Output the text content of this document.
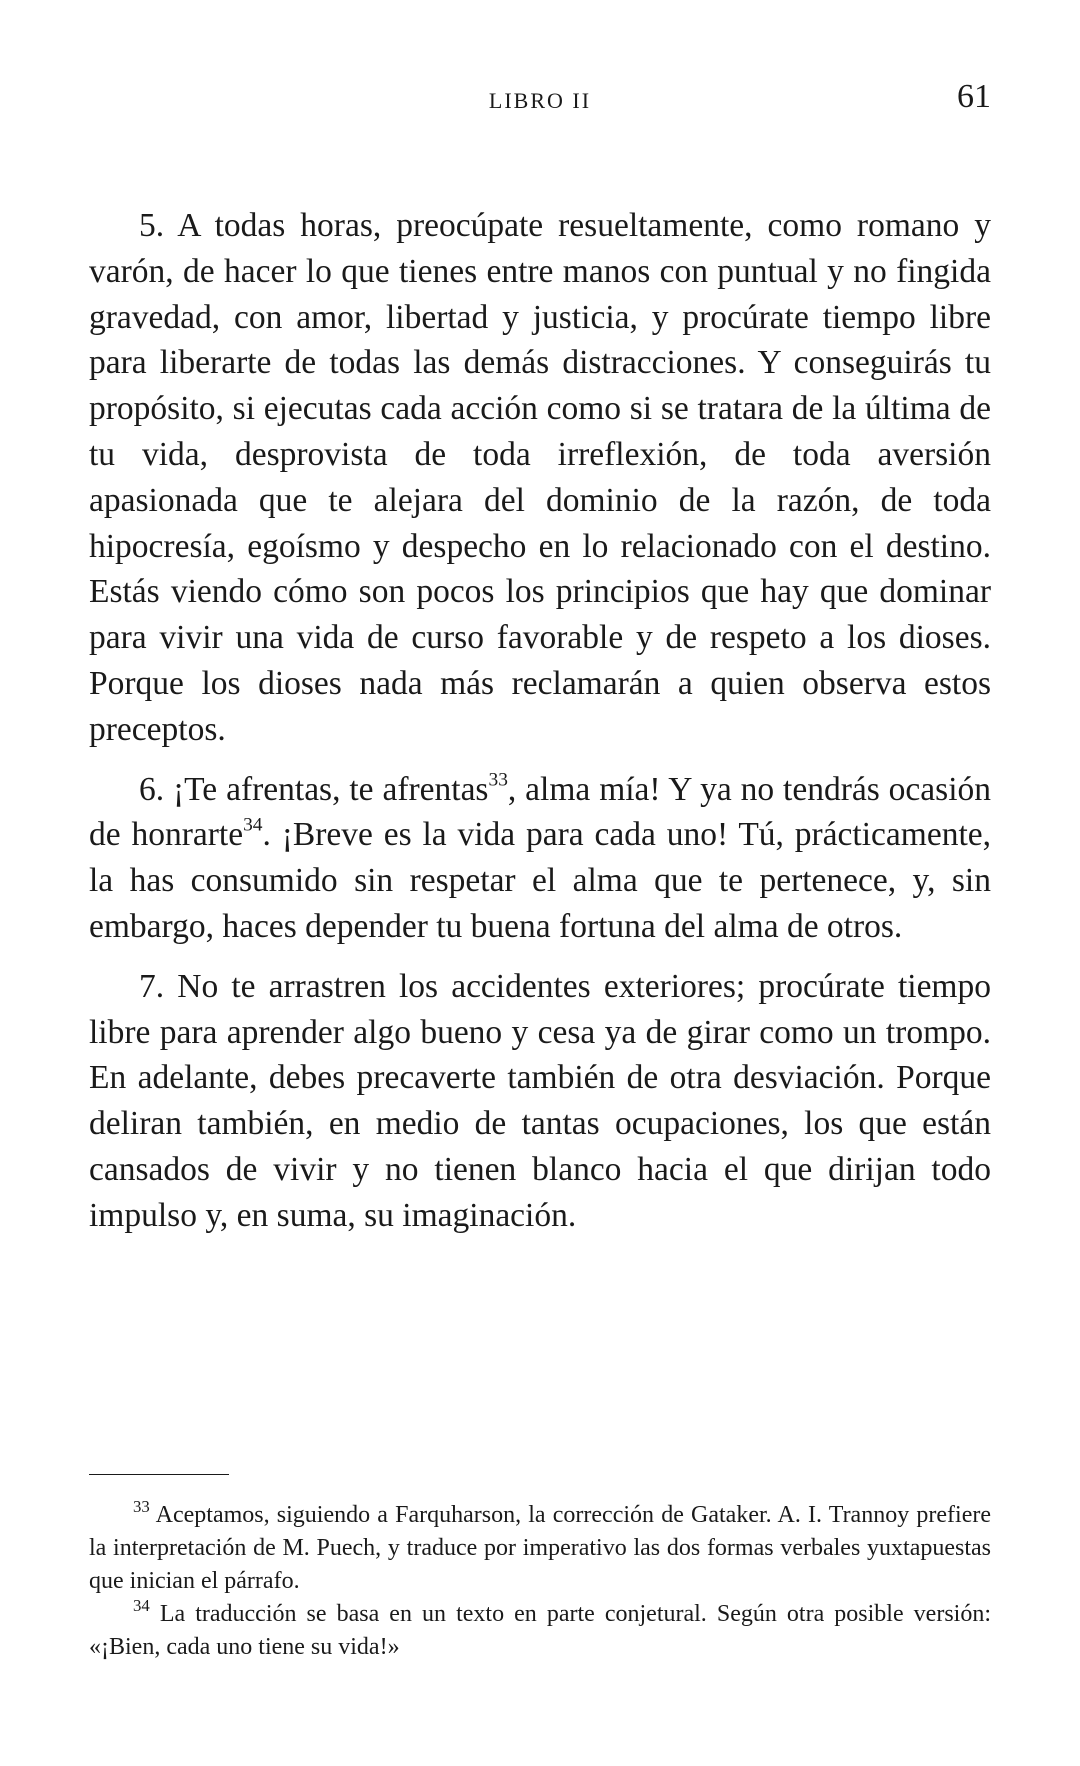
LIBRO II	61

5. A todas horas, preocúpate resueltamente, como romano y varón, de hacer lo que tienes entre manos con puntual y no fingida gravedad, con amor, libertad y justicia, y procúrate tiempo libre para liberarte de todas las demás distracciones. Y conseguirás tu propósito, si ejecutas cada acción como si se tratara de la última de tu vida, desprovista de toda irreflexión, de toda aversión apasionada que te alejara del dominio de la razón, de toda hipocresía, egoísmo y despecho en lo relacionado con el destino. Estás viendo cómo son pocos los principios que hay que dominar para vivir una vida de curso favorable y de respeto a los dioses. Porque los dioses nada más reclamarán a quien observa estos preceptos.

6. ¡Te afrentas, te afrentas$^{33}$, alma mía! Y ya no tendrás ocasión de honrarte$^{34}$. ¡Breve es la vida para cada uno! Tú, prácticamente, la has consumido sin respetar el alma que te pertenece, y, sin embargo, haces depender tu buena fortuna del alma de otros.

7. No te arrastren los accidentes exteriores; procúrate tiempo libre para aprender algo bueno y cesa ya de girar como un trompo. En adelante, debes precaverte también de otra desviación. Porque deliran también, en medio de tantas ocupaciones, los que están cansados de vivir y no tienen blanco hacia el que dirijan todo impulso y, en suma, su imaginación.

$^{33}$ Aceptamos, siguiendo a Farquharson, la corrección de Gataker. A. I. Trannoy prefiere la interpretación de M. Puech, y traduce por imperativo las dos formas verbales yuxtapuestas que inician el párrafo.

$^{34}$ La traducción se basa en un texto en parte conjetural. Según otra posible versión: «¡Bien, cada uno tiene su vida!»
